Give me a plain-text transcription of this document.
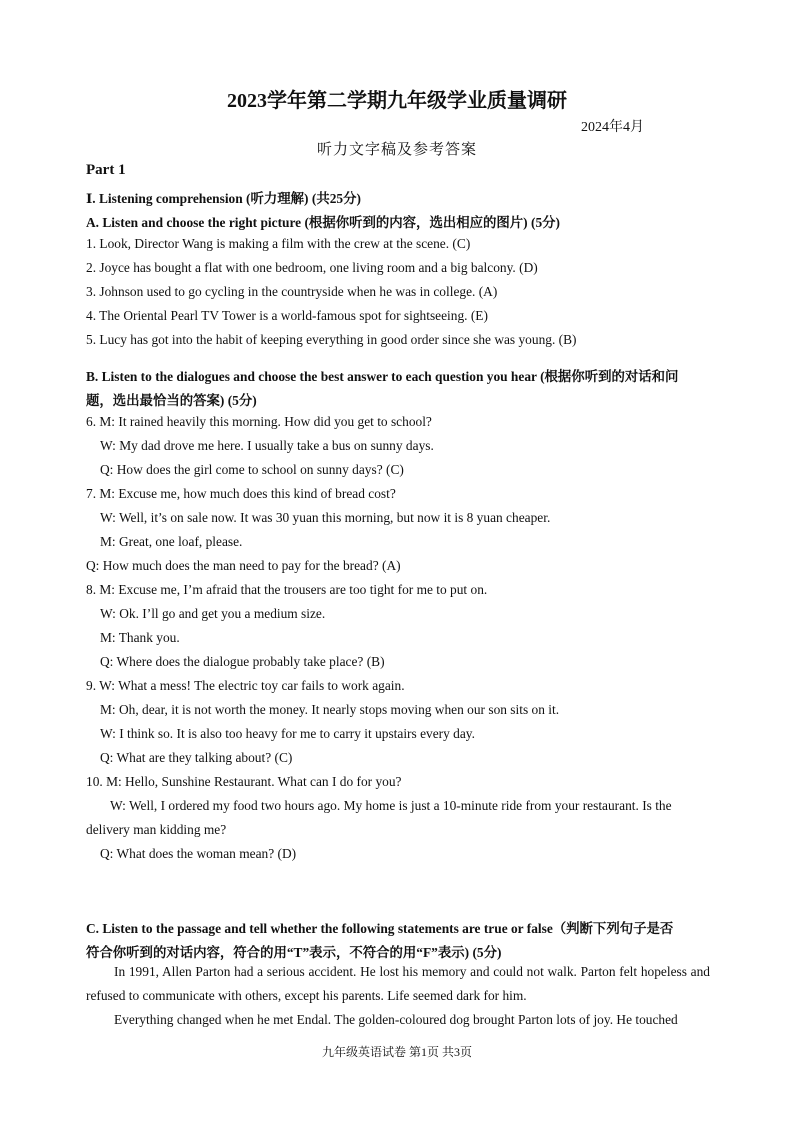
2023学年第二学期九年级学业质量调研
2024年4月
听力文字稿及参考答案
Part 1
Ⅰ. Listening comprehension (听力理解) (共25分)
A. Listen and choose the right picture (根据你听到的内容，选出相应的图片) (5分)
1. Look, Director Wang is making a film with the crew at the scene. (C)
2. Joyce has bought a flat with one bedroom, one living room and a big balcony. (D)
3. Johnson used to go cycling in the countryside when he was in college. (A)
4. The Oriental Pearl TV Tower is a world-famous spot for sightseeing. (E)
5. Lucy has got into the habit of keeping everything in good order since she was young. (B)
B. Listen to the dialogues and choose the best answer to each question you hear (根据你听到的对话和问
题，选出最恰当的答案) (5分)
6. M: It rained heavily this morning. How did you get to school?
W: My dad drove me here. I usually take a bus on sunny days.
Q: How does the girl come to school on sunny days? (C)
7. M: Excuse me, how much does this kind of bread cost?
W: Well, it’s on sale now. It was 30 yuan this morning, but now it is 8 yuan cheaper.
M: Great, one loaf, please.
Q: How much does the man need to pay for the bread? (A)
8. M: Excuse me, I’m afraid that the trousers are too tight for me to put on.
W: Ok. I’ll go and get you a medium size.
M: Thank you.
Q: Where does the dialogue probably take place? (B)
9. W: What a mess! The electric toy car fails to work again.
M: Oh, dear, it is not worth the money. It nearly stops moving when our son sits on it.
W: I think so. It is also too heavy for me to carry it upstairs every day.
Q: What are they talking about? (C)
10. M: Hello, Sunshine Restaurant. What can I do for you?
W: Well, I ordered my food two hours ago. My home is just a 10-minute ride from your restaurant. Is the
delivery man kidding me?
Q: What does the woman mean? (D)
C. Listen to the passage and tell whether the following statements are true or false（判断下列句子是否
符合你听到的对话内容，符合的用“T”表示，不符合的用“F”表示) (5分)
In 1991, Allen Parton had a serious accident. He lost his memory and could not walk. Parton felt hopeless and refused to communicate with others, except his parents. Life seemed dark for him.
Everything changed when he met Endal. The golden-coloured dog brought Parton lots of joy. He touched
九年级英语试卷 第1页 共3页
